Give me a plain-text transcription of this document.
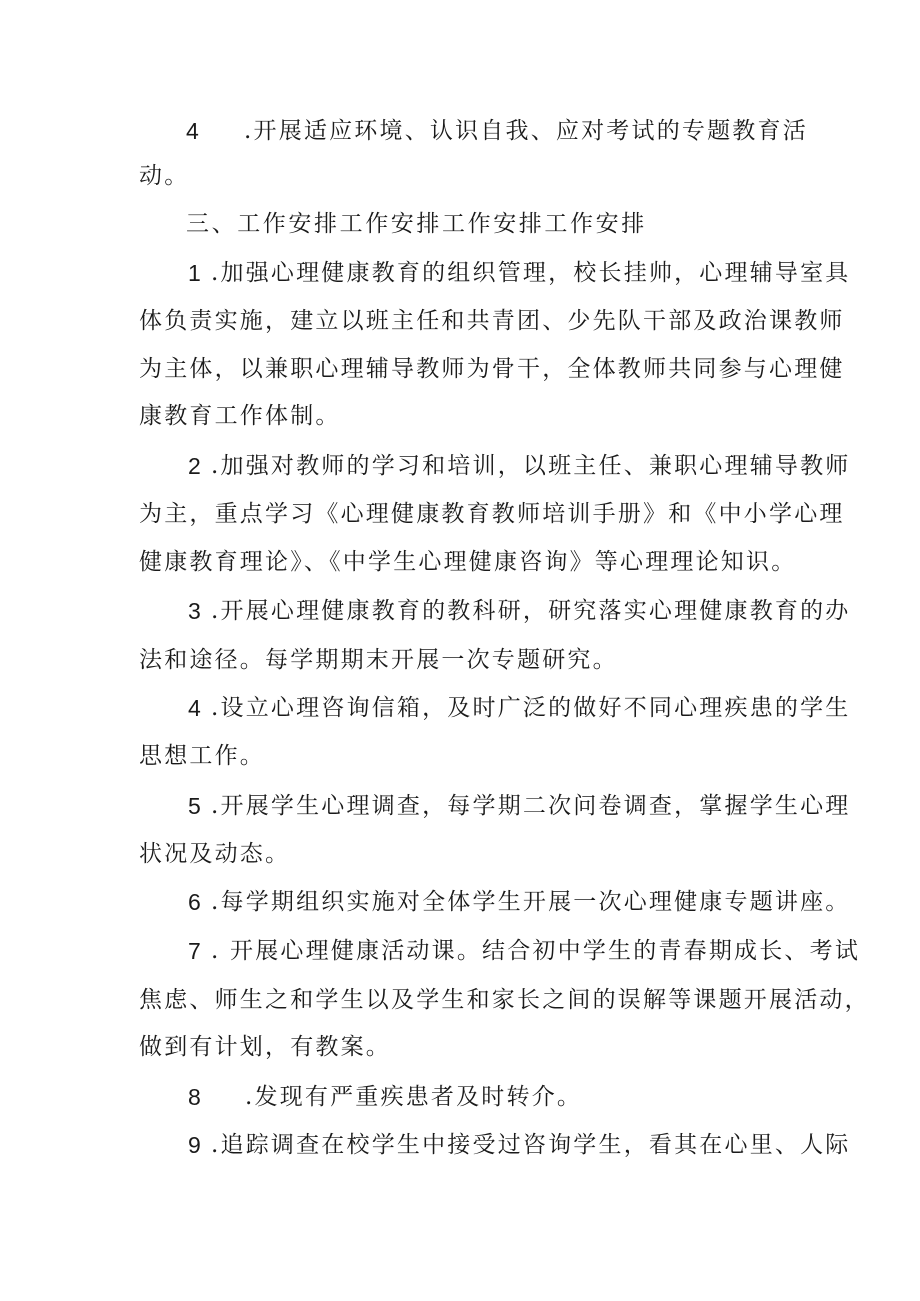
4 .开展适应环境、认识自我、应对考试的专题教育活
动。
三、工作安排工作安排工作安排工作安排
1 .加强心理健康教育的组织管理，校长挂帅，心理辅导室具
体负责实施，建立以班主任和共青团、少先队干部及政治课教师
为主体，以兼职心理辅导教师为骨干，全体教师共同参与心理健
康教育工作体制。
2 .加强对教师的学习和培训，以班主任、兼职心理辅导教师
为主，重点学习《心理健康教育教师培训手册》和《中小学心理
健康教育理论》、《中学生心理健康咨询》等心理理论知识。
3 .开展心理健康教育的教科研，研究落实心理健康教育的办
法和途径。每学期期末开展一次专题研究。
4 .设立心理咨询信箱，及时广泛的做好不同心理疾患的学生
思想工作。
5 .开展学生心理调查，每学期二次问卷调查，掌握学生心理
状况及动态。
6 .每学期组织实施对全体学生开展一次心理健康专题讲座。
7 . 开展心理健康活动课。结合初中学生的青春期成长、考试
焦虑、师生之和学生以及学生和家长之间的误解等课题开展活动，
做到有计划，有教案。
8 .发现有严重疾患者及时转介。
9 .追踪调查在校学生中接受过咨询学生，看其在心里、人际
